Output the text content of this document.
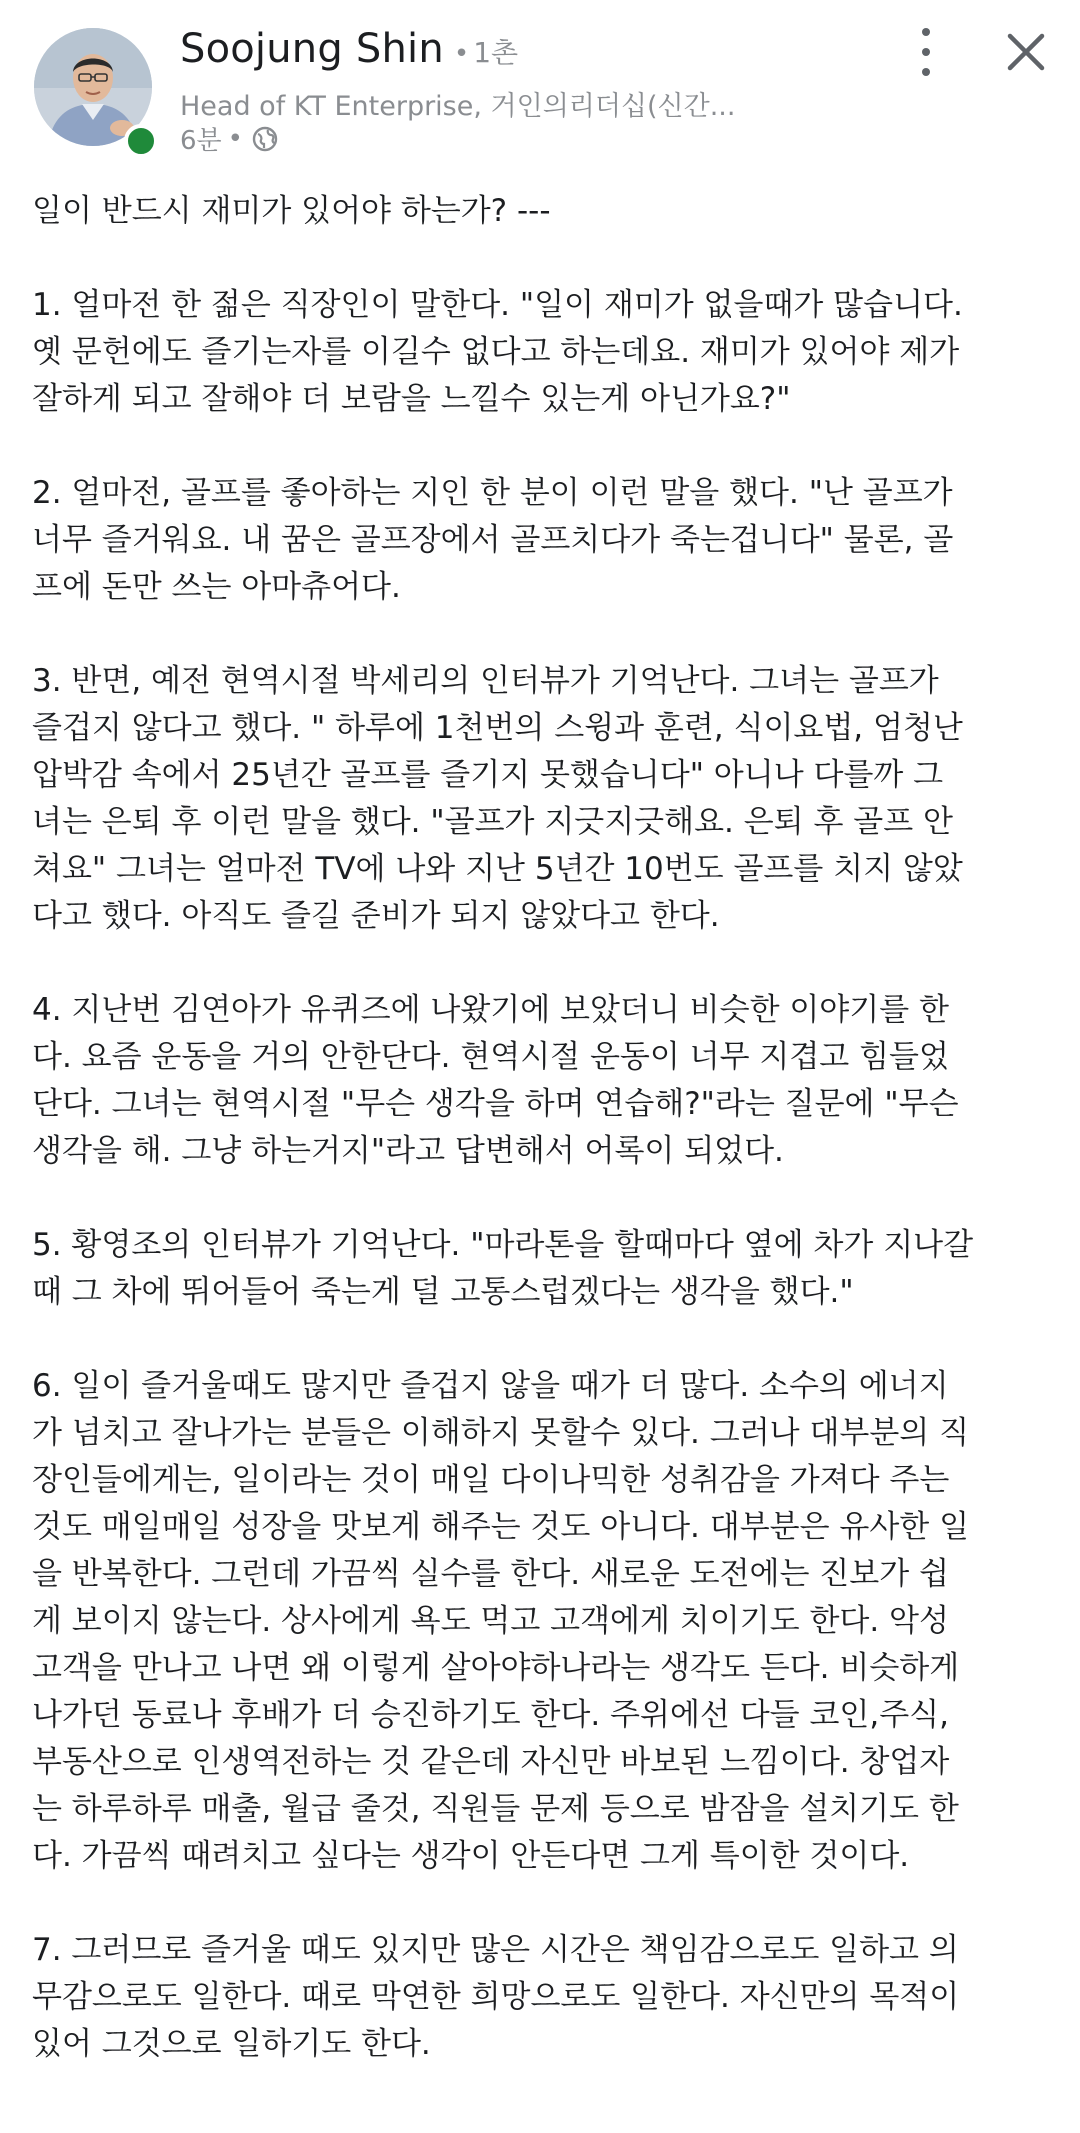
Soojung Shin • 1촌
Head of KT Enterprise, 거인의리더십(신간...
6분 •
일이 반드시 재미가 있어야 하는가? ---
1. 얼마전 한 젊은 직장인이 말한다. "일이 재미가 없을때가 많습니다.
옛 문헌에도 즐기는자를 이길수 없다고 하는데요. 재미가 있어야 제가
잘하게 되고 잘해야 더 보람을 느낄수 있는게 아닌가요?"
2. 얼마전, 골프를 좋아하는 지인 한 분이 이런 말을 했다. "난 골프가
너무 즐거워요. 내 꿈은 골프장에서 골프치다가 죽는겁니다" 물론, 골
프에 돈만 쓰는 아마츄어다.
3. 반면, 예전 현역시절 박세리의 인터뷰가 기억난다. 그녀는 골프가
즐겁지 않다고 했다. " 하루에 1천번의 스윙과 훈련, 식이요법, 엄청난
압박감 속에서 25년간 골프를 즐기지 못했습니다" 아니나 다를까 그
녀는 은퇴 후 이런 말을 했다. "골프가 지긋지긋해요. 은퇴 후 골프 안
쳐요" 그녀는 얼마전 TV에 나와 지난 5년간 10번도 골프를 치지 않았
다고 했다. 아직도 즐길 준비가 되지 않았다고 한다.
4. 지난번 김연아가 유퀴즈에 나왔기에 보았더니 비슷한 이야기를 한
다. 요즘 운동을 거의 안한단다. 현역시절 운동이 너무 지겹고 힘들었
단다. 그녀는 현역시절 "무슨 생각을 하며 연습해?"라는 질문에 "무슨
생각을 해. 그냥 하는거지"라고 답변해서 어록이 되었다.
5. 황영조의 인터뷰가 기억난다. "마라톤을 할때마다 옆에 차가 지나갈
때 그 차에 뛰어들어 죽는게 덜 고통스럽겠다는 생각을 했다."
6. 일이 즐거울때도 많지만 즐겁지 않을 때가 더 많다. 소수의 에너지
가 넘치고 잘나가는 분들은 이해하지 못할수 있다. 그러나 대부분의 직
장인들에게는, 일이라는 것이 매일 다이나믹한 성취감을 가져다 주는
것도 매일매일 성장을 맛보게 해주는 것도 아니다. 대부분은 유사한 일
을 반복한다. 그런데 가끔씩 실수를 한다. 새로운 도전에는 진보가 쉽
게 보이지 않는다. 상사에게 욕도 먹고 고객에게 치이기도 한다. 악성
고객을 만나고 나면 왜 이렇게 살아야하나라는 생각도 든다. 비슷하게
나가던 동료나 후배가 더 승진하기도 한다. 주위에선 다들 코인,주식,
부동산으로 인생역전하는 것 같은데 자신만 바보된 느낌이다. 창업자
는 하루하루 매출, 월급 줄것, 직원들 문제 등으로 밤잠을 설치기도 한
다. 가끔씩 때려치고 싶다는 생각이 안든다면 그게 특이한 것이다.
7. 그러므로 즐거울 때도 있지만 많은 시간은 책임감으로도 일하고 의
무감으로도 일한다. 때로 막연한 희망으로도 일한다. 자신만의 목적이
있어 그것으로 일하기도 한다.
